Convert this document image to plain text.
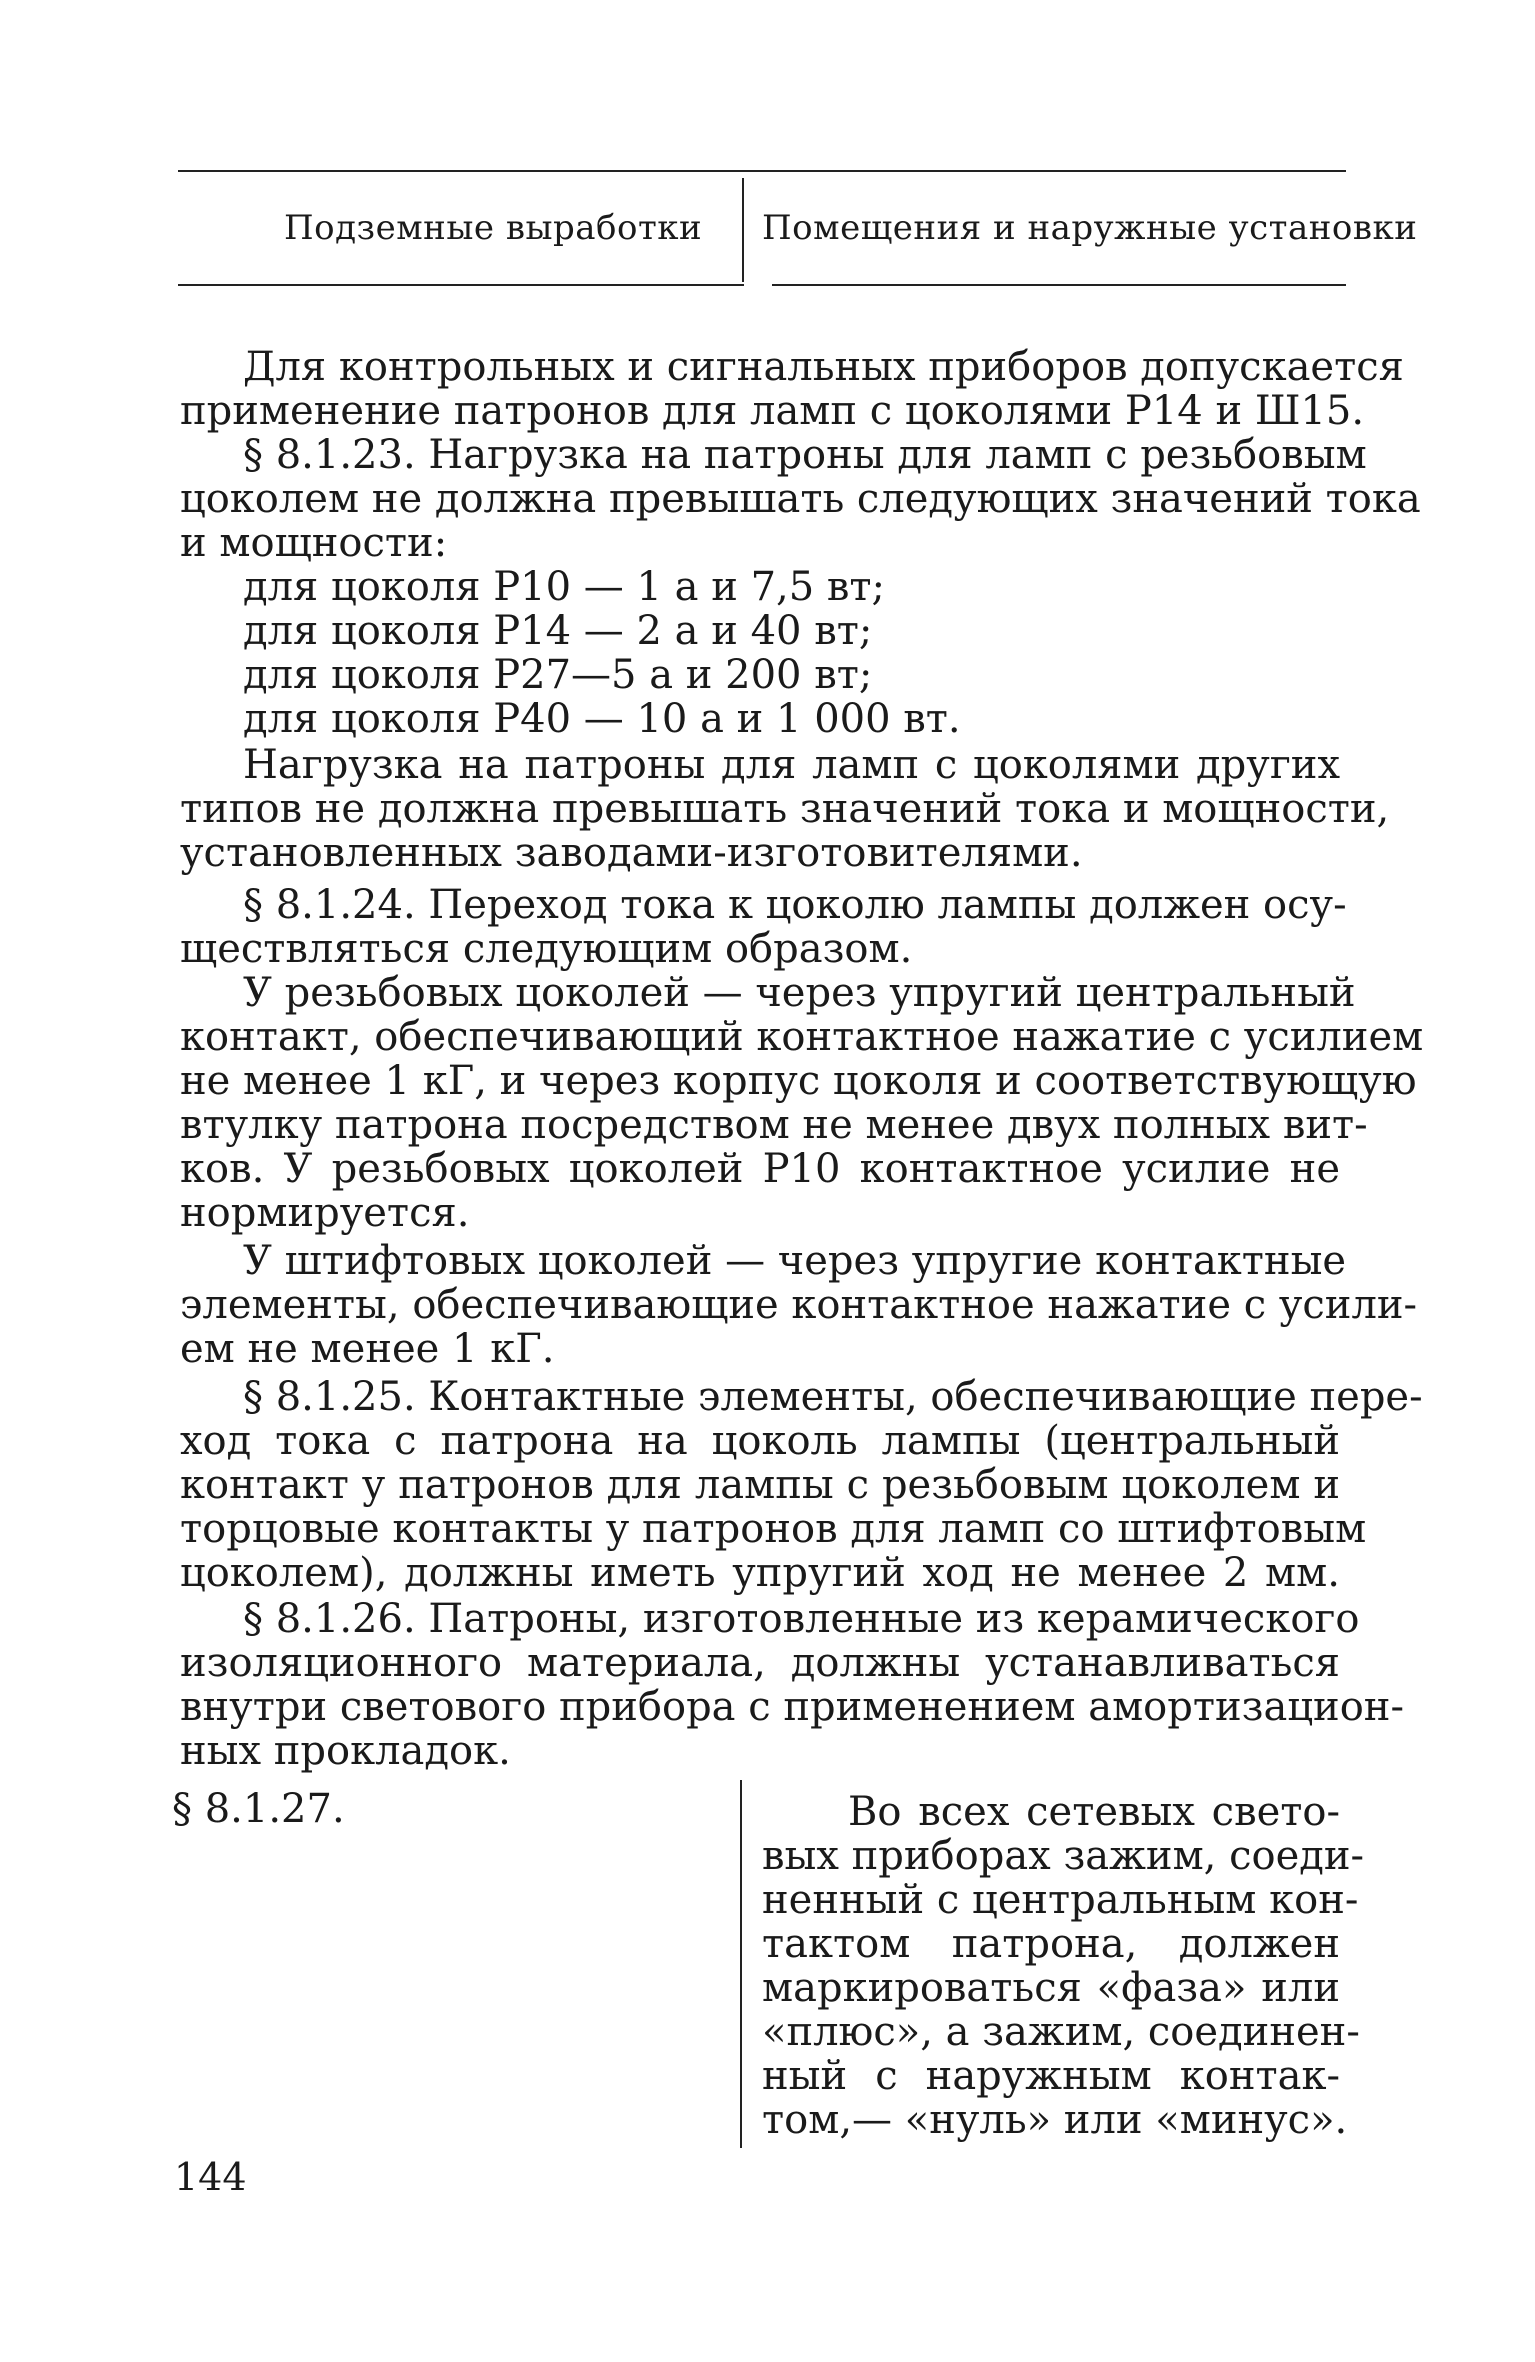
Подземные выработки Помещения и наружные установки
Для контрольных и сигнальных приборов допускается
применение патронов для ламп с цоколями Р14 и Ш15.
§ 8.1.23. Нагрузка на патроны для ламп с резьбовым
цоколем не должна превышать следующих значений тока
и мощности:
для цоколя Р10 — 1 а и 7,5 вт;
для цоколя Р14 — 2 а и 40 вт;
для цоколя Р27—5 а и 200 вт;
для цоколя Р40 — 10 а и 1 000 вт.
Нагрузка на патроны для ламп с цоколями других
типов не должна превышать значений тока и мощности,
установленных заводами-изготовителями.
§ 8.1.24. Переход тока к цоколю лампы должен осу-
ществляться следующим образом.
У резьбовых цоколей — через упругий центральный
контакт, обеспечивающий контактное нажатие с усилием
не менее 1 кГ, и через корпус цоколя и соответствующую
втулку патрона посредством не менее двух полных вит-
ков. У резьбовых цоколей Р10 контактное усилие не
нормируется.
У штифтовых цоколей — через упругие контактные
элементы, обеспечивающие контактное нажатие с усили-
ем не менее 1 кГ.
§ 8.1.25. Контактные элементы, обеспечивающие пере-
ход тока с патрона на цоколь лампы (центральный
контакт у патронов для лампы с резьбовым цоколем и
торцовые контакты у патронов для ламп со штифтовым
цоколем), должны иметь упругий ход не менее 2 мм.
§ 8.1.26. Патроны, изготовленные из керамического
изоляционного материала, должны устанавливаться
внутри светового прибора с применением амортизацион-
ных прокладок.
§ 8.1.27.	Во всех сетевых свето-
вых приборах зажим, соеди-
ненный с центральным кон-
тактом патрона, должен
маркироваться «фаза» или
«плюс», а зажим, соединен-
ный с наружным контак-
том,— «нуль» или «минус».
144
